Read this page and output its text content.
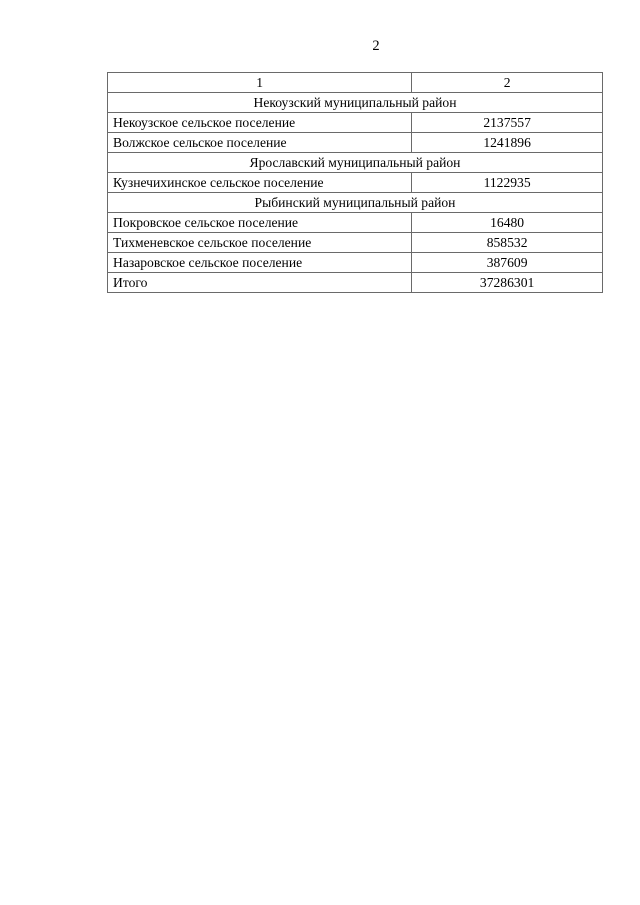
2
1	2
Некоузский муниципальный район	
Некоузское сельское поселение	2137557
Волжское сельское поселение	1241896
Ярославский муниципальный район	
Кузнечихинское сельское поселение	1122935
Рыбинский муниципальный район	
Покровское сельское поселение	16480
Тихменевское сельское поселение	858532
Назаровское сельское поселение	387609
Итого	37286301
